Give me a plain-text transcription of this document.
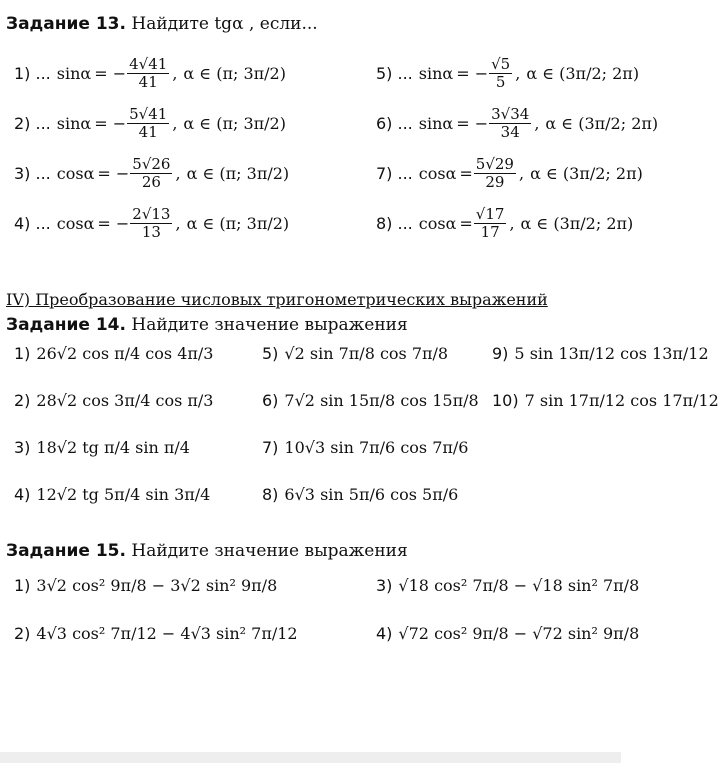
Задание 13. Найдите tgα , если...
1) ... sinα = − $\frac{4√41}{41}$ , α ∈ (π; 3π/2)
2) ... sinα = − $\frac{5√41}{41}$ , α ∈ (π; 3π/2)
3) ... cosα = − $\frac{5√26}{26}$ , α ∈ (π; 3π/2)
4) ... cosα = − $\frac{2√13}{13}$ , α ∈ (π; 3π/2)
5) ... sinα = − $\frac{√5}{5}$ , α ∈ (3π/2; 2π)
6) ... sinα = − $\frac{3√34}{34}$ , α ∈ (3π/2; 2π)
7) ... $\cos\alpha = \frac{5√29}{29}$ , α ∈ (3π/2; 2π)
8) ... $\cos\alpha = \frac{√17}{17}$ , α ∈ (3π/2; 2π)
IV) Преобразование числовых тригонометрических выражений
Задание 14. Найдите значение выражения
1) 26√2 cos π/4 cos 4π/3
2) 28√2 cos 3π/4 cos π/3
3) 18√2 tg π/4 sin π/4
4) 12√2 tg 5π/4 sin 3π/4
5) √2 sin 7π/8 cos 7π/8
6) 7√2 sin 15π/8 cos 15π/8
7) 10√3 sin 7π/6 cos 7π/6
8) 6√3 sin 5π/6 cos 5π/6
9) 5 sin 13π/12 cos 13π/12
10) 7 sin 17π/12 cos 17π/12
Задание 15. Найдите значение выражения
1) 3√2 cos² 9π/8 − 3√2 sin² 9π/8
2) 4√3 cos² 7π/12 − 4√3 sin² 7π/12
3) √18 cos² 7π/8 − √18 sin² 7π/8
4) √72 cos² 9π/8 − √72 sin² 9π/8
